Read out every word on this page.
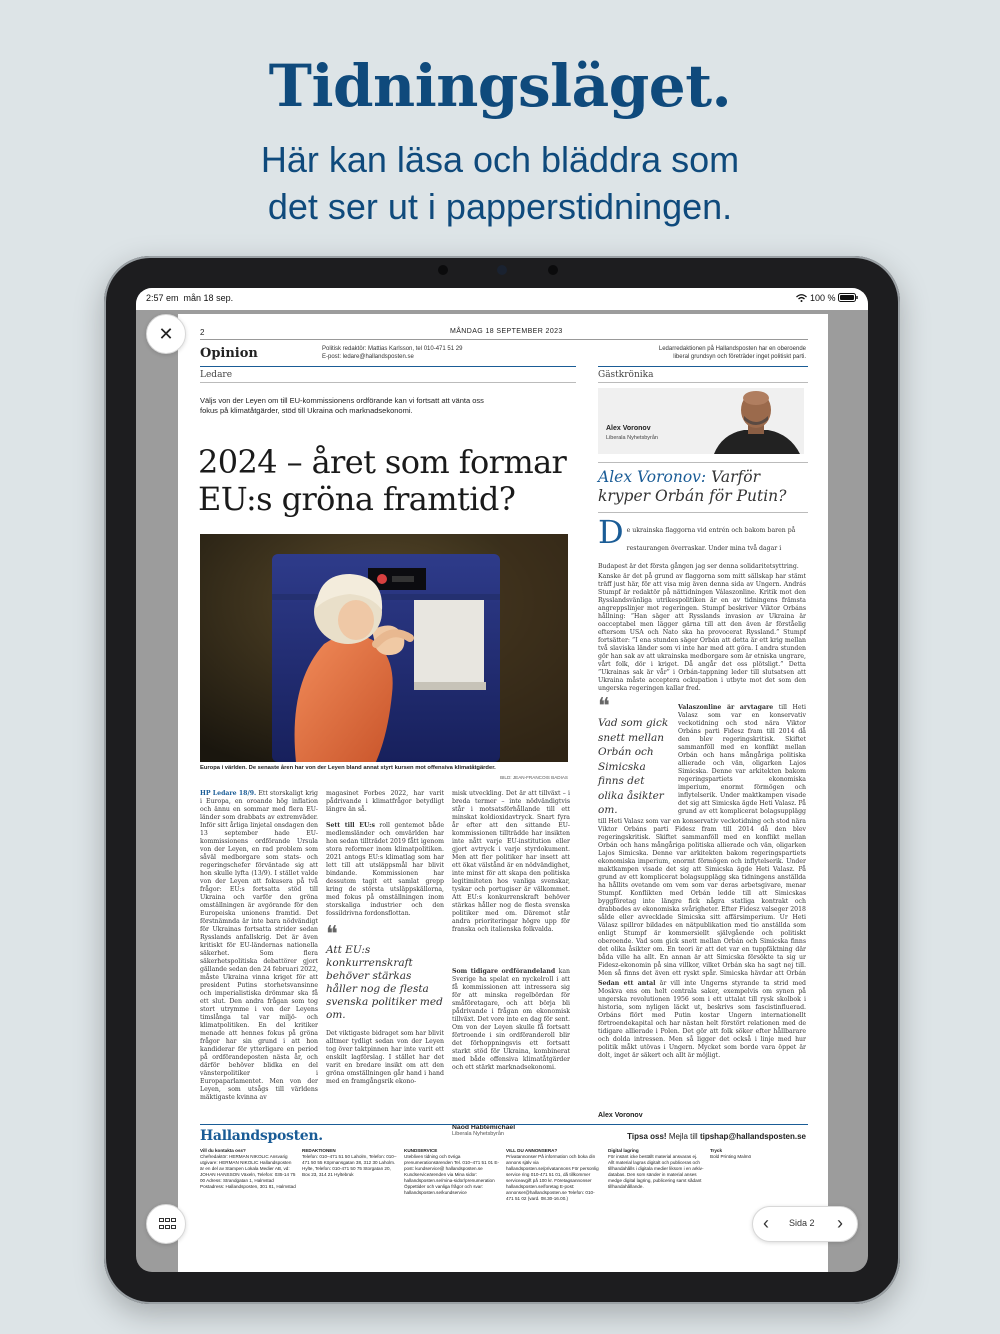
Tidningsläget.
Här kan läsa och bläddra som
det ser ut i papperstidningen.
2:57 em mån 18 sep.	100 %
2	MÅNDAG 18 SEPTEMBER 2023
Opinion	Politisk redaktör: Mattias Karlsson, tel 010-471 51 29
E-post: ledare@hallandsposten.se
Ledarredaktionen på Hallandsposten har en oberoende
liberal grundsyn och företräder inget politiskt parti.
Ledare	Gästkrönika
Väljs von der Leyen om till EU-kommissionens ordförande kan vi fortsatt att vänta oss fokus på klimatåtgärder, stöd till Ukraina och marknadsekonomi.
2024 – året som formar
EU:s gröna framtid?
Europa i världen. De senaste åren har von der Leyen bland annat styrt kursen mot offensiva klimatåtgärder.
BILD: JEAN-FRANCOIS BADIAS
HP Ledare 18/9. Ett storskaligt krig i Europa, en oroande hög inflation och ännu en sommar med flera EU-länder som drabbats av extremväder. Inför sitt årliga linjetal onsdagen den 13 september hade EU-kommissionens ordförande Ursula von der Leyen, en rad problem som såväl medborgare som stats- och regeringschefer förväntade sig att hon skulle lyfta (13/9). I stället valde von der Leyen att fokusera på två frågor: EU:s fortsatta stöd till Ukraina och varför den gröna omställningen är avgörande för den Europeiska unionens framtid. Det förstnämnda är inte bara nödvändigt för Ukrainas fortsatta strider sedan Rysslands anfallskrig. Det är även kritiskt för EU-ländernas nationella säkerhet. Som flera säkerhetspolitiska debattörer gjort gällande sedan den 24 februari 2022, måste Ukraina vinna kriget för att president Putins storhetsvansinne och imperialistiska drömmar ska få ett slut. Den andra frågan som tog stort utrymme i von der Leyens timslånga tal var miljö- och klimatpolitiken. En del kritiker menade att hennes fokus på gröna frågor har sin grund i att hon kandiderar för ytterligare en period på ordförandeposten nästa år, och därför behöver blidka en del vänsterpolitiker i Europaparlamentet. Men von der Leyen, som utsågs till världens mäktigaste kvinna av
magasinet Forbes 2022, har varit pådrivande i klimatfrågor betydligt längre än så.
Sett till EU:s roll gentemot både medlemsländer och omvärlden har hon sedan tillträdet 2019 fått igenom stora reformer inom klimatpolitiken. 2021 antogs EU:s klimatlag som har lett till att utsläppsmål har blivit bindande. Kommissionen har dessutom tagit ett samlat grepp kring de största utsläppskällorna, med fokus på omställningen inom storskaliga industrier och den fossildrivna fordonsflottan.
❝
Att EU:s konkurrenskraft behöver stärkas håller nog de flesta svenska politiker med om.
Det viktigaste bidraget som har blivit alltmer tydligt sedan von der Leyen tog över taktpinnen har inte varit ett enskilt lagförslag. I stället har det varit en bredare insikt om att den gröna omställningen går hand i hand med en framgångsrik ekono-
misk utveckling. Det är att tillväxt – i breda termer – inte nödvändigtvis står i motsatsförhållande till ett minskat koldioxidavtryck. Snart fyra år efter att den sittande EU-kommissionen tillträdde har insikten inte nått varje EU-institution eller gjort avtryck i varje styrdokument. Men att fler politiker har insett att ett ökat välstånd är en nödvändighet, inte minst för att skapa den politiska legitimiteten hos vanliga svenskar, tyskar och portugiser är välkommet. Att EU:s konkurrenskraft behöver stärkas håller nog de flesta svenska politiker med om. Däremot står andra prioriteringar högre upp för franska och italienska folkvalda.
Som tidigare ordförandeland kan Sverige ha spelat en nyckelroll i att få kommissionen att intressera sig för att minska regelbördan för småföretagare, och att börja bli pådrivande i frågan om ekonomisk tillväxt. Det vore inte en dag för sent. Om von der Leyen skulle få fortsatt förtroende i sin ordföranderoll blir det förhoppningsvis ett fortsatt starkt stöd för Ukraina, kombinerat med både offensiva klimatåtgärder och ett stärkt marknadsekonomi.
Naod Habtemichael
Liberala Nyhetsbyrån
Alex Voronov
Liberala Nyhetsbyrån
Alex Voronov: Varför kryper Orbán för Putin?
D e ukrainska flaggorna vid entrén och bakom baren på restaurangen överraskar. Under mina två dagar i Budapest är det första gången jag ser denna solidaritetsyttring.
Kanske är det på grund av flaggorna som mitt sällskap har stämt träff just här, för att visa mig även denna sida av Ungern. András Stumpf är redaktör på nättidningen Válaszonline. Kritik mot den Rysslandsvänliga utrikespolitiken är en av tidningens främsta angreppslinjer mot regeringen. Stumpf beskriver Viktor Orbáns hållning: ”Han säger att Rysslands invasion av Ukraina är oacceptabel men lägger gärna till att den även är förståelig eftersom USA och Nato ska ha provocerat Ryssland.” Stumpf fortsätter: ”I ena stunden säger Orbán att detta är ett krig mellan två slaviska länder som vi inte har med att göra. I andra stunden gör han sak av att ukrainska medborgare som är etniska ungrare, vårt folk, dör i kriget. Då angår det oss plötsligt.” Detta ”Ukrainas sak är vår” i Orbán-tappning leder till slutsatsen att Ukraina måste acceptera ockupation i utbyte mot det som den ungerska regeringen kallar fred.
❝
Vad som gick snett mellan Orbán och Simicska finns det olika åsikter om.
Valaszonline är arvtagare till Heti Valasz som var en konservativ veckotidning och stod nära Viktor Orbáns parti Fidesz fram till 2014 då den blev regeringskritisk. Skiftet sammanföll med en konflikt mellan Orbán och hans mångåriga politiska allierade och vän, oligarken Lajos Simicska. Denne var arkitekten bakom regeringspartiets ekonomiska imperium, enormt förmögen och inflytelserik. Under maktkampen visade det sig att Simicska ägde Heti Valasz. På grund av ett komplicerat bolagsupplägg
till Heti Valasz som var en konservativ veckotidning och stod nära Viktor Orbáns parti Fidesz fram till 2014 då den blev regeringskritisk. Skiftet sammanföll med en konflikt mellan Orbán och hans mångåriga politiska allierade och vän, oligarken Lajos Simicska. Denne var arkitekten bakom regeringspartiets ekonomiska imperium, enormt förmögen och inflytelserik. Under maktkampen visade det sig att Simicska ägde Heti Valasz. På grund av ett komplicerat bolagsupplägg ska tidningens anställda ha hållits ovetande om vem som var deras arbetsgivare, menar Stumpf. Konflikten med Orbán ledde till att Simicskas byggföretag inte längre fick några statliga kontrakt och drabbades av ekonomiska svårigheter. Efter Fidesz valseger 2018 sålde eller avvecklade Simicska sitt affärsimperium. Ur Heti Válasz spillror bildades en nätpublikation med tio anställda som enligt Stumpf är kommersiellt självgående och politiskt oberoende. Vad som gick snett mellan Orbán och Simicska finns det olika åsikter om. En teori är att det var en tuppfäktning där båda ville ha allt. En annan är att Simicska försökte ta sig ur Fidesz-ekonomin på sina villkor, vilket Orbán ska ha sagt nej till. Men så finns det även ett ryskt spår. Simicska hävdar att Orbán
Sedan ett antal år vill inte Ungerns styrande ta strid med Moskva ens om helt centrala saker, exempelvis om synen på ungerska revolutionen 1956 som i ett uttalat till rysk skolbok i historia, som nyligen läckt ut, beskrivs som fascistinfluerad. Orbáns flört med Putin kostar Ungern internationellt förtroendekapital och har nästan helt förstört relationen med de tidigare allierade i Polen. Det gör att folk söker efter hållbarare och dolda intressen. Men så ligger det också i linje med hur politik måkt utövas i Ungern. Mycket som borde vara öppet är dolt, inget är säkert och allt är möjligt.
Alex Voronov
Hallandsposten.	Tipsa oss! Mejla till tipshap@hallandsposten.se
Vill du kontakta oss?
Chefredaktör: HERMAN NIKOLIC Ansvarig utgivare: HERMAN NIKOLIC Hallandsposten är en del av Stampen Lokala Medier AB, vd: JOHAN HANSSON Växeln, Telefon: 035-14 75 00 Adress: Strandgatan 1, Halmstad Postadress: Hallandsposten, 301 81, Halmstad
REDAKTIONEN
Telefon: 010–471 51 50 Laholm, Telefon: 010–471 50 55 Köpmansgatan 38, 312 30 Laholm. Hylte, Telefon: 010-471 50 75 Storgatan 20, Box 23, 314 21 Hyltebruk
KUNDSERVICE
Utebliven tidning och övriga prenumerationsärenden Tel. 010–471 51 01 E-post: kundservice@ hallandsposten.se Kundserviceärenden via Mina sidor: hallandsposten.se/mina-sidor/prenumeration Öppettider och vanliga frågor och svar: hallandsposten.se/kundservice
VILL DU ANNONSERA?
Privatannonser På information och boka din annons själv via hallandsposten.se/privatannons För personlig service ring 010-471 51 01, då tillkommer serviceavgift på 100 kr. Företagsannonser hallandsposten.se/foretag E-post: annonser@hallandsposten.se Telefon: 010-471 51 02 (vard. 08.30-16.00.)
Digital lagring
För insänt icke beställt material ansvaras ej. Allt material lagras digitalt och publiceras och tillhandahålls i digitala medier liksom i en arkiv-databas. Den som sänder in material anses medge digital lagring, publicering samt sådant tillhandahållande.
Tryck
Bold Printing Malmö
✕
‹ Sida 2 ›
